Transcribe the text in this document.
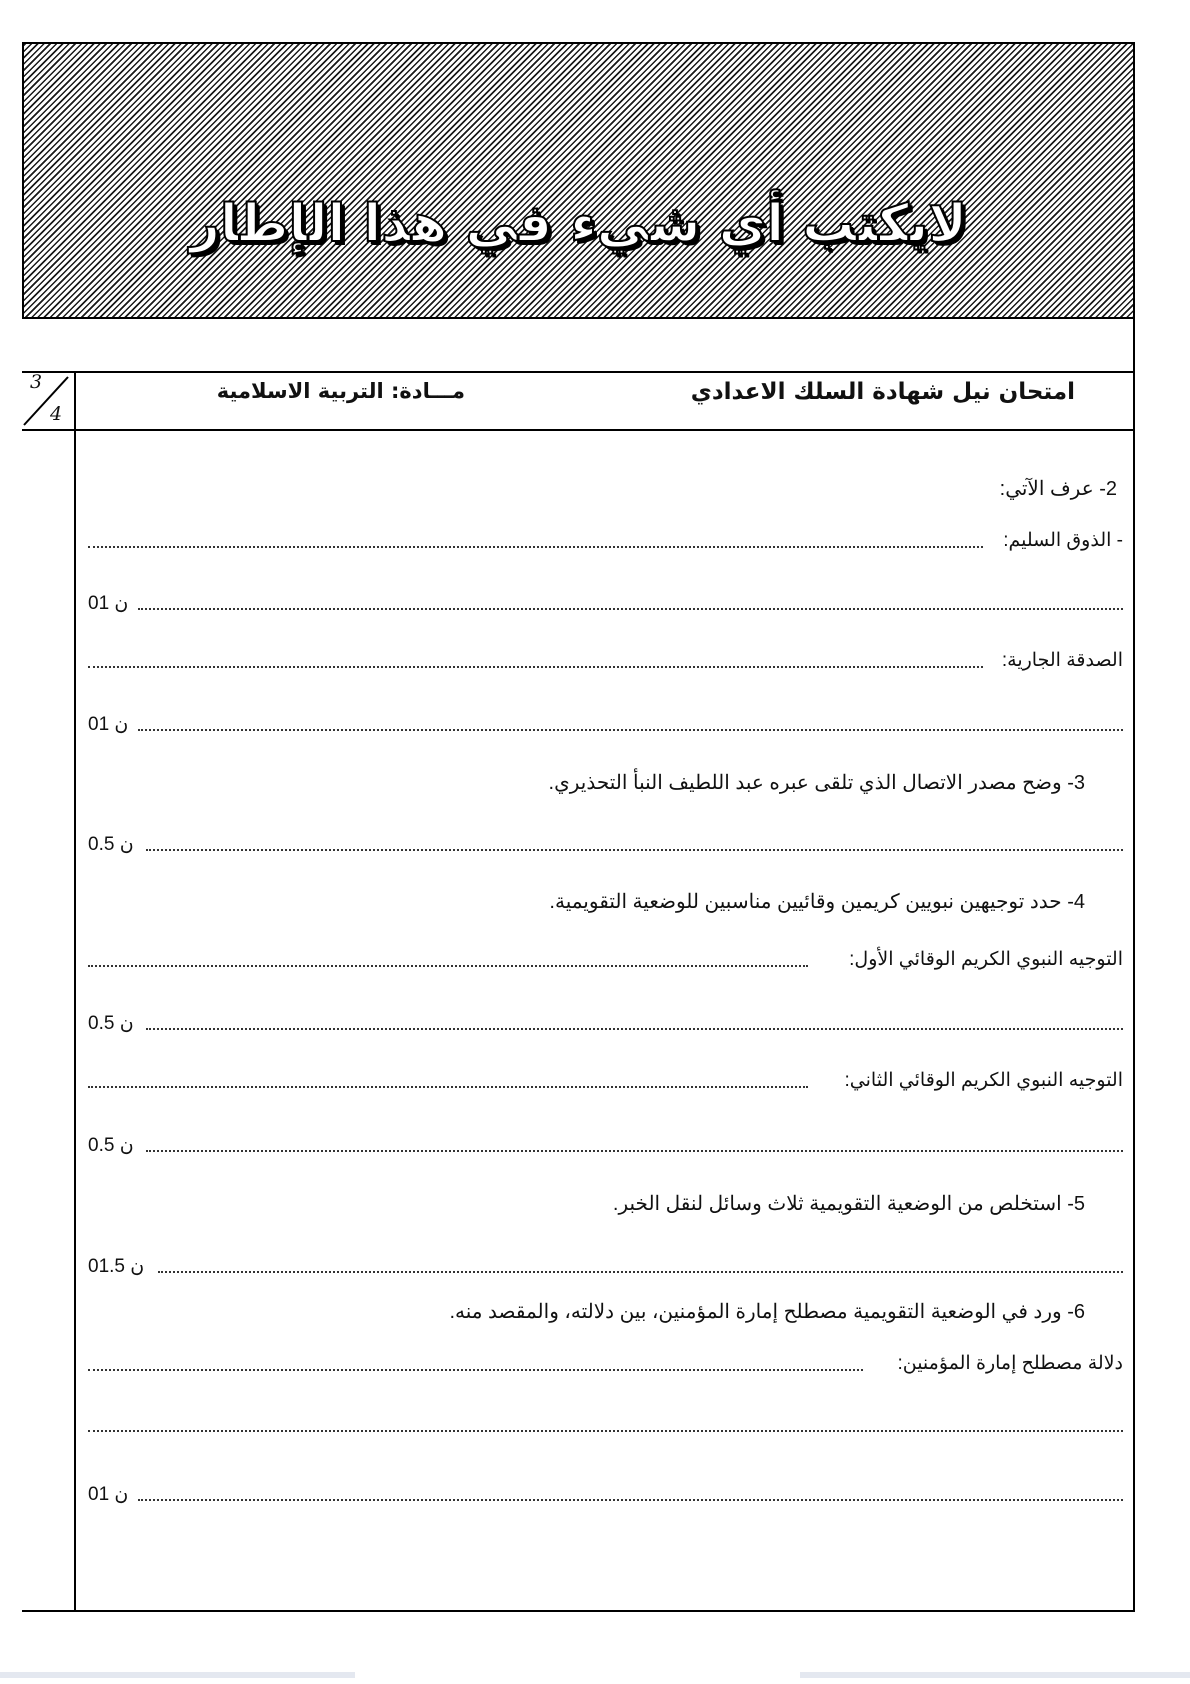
لايكتب أي شيء في هذا الإطار
3
4
امتحان نيل شهادة السلك الاعدادي
مـــادة: التربية الاسلامية
2- عرف الآتي:
- الذوق السليم:
01 ن
الصدقة الجارية:
01 ن
3- وضح مصدر الاتصال الذي تلقى عبره عبد اللطيف النبأ التحذيري.
0.5 ن
4- حدد توجيهين نبويين كريمين وقائيين مناسبين للوضعية التقويمية.
التوجيه النبوي الكريم الوقائي الأول:
0.5 ن
التوجيه النبوي الكريم الوقائي الثاني:
0.5 ن
5- استخلص من الوضعية التقويمية ثلاث وسائل لنقل الخبر.
01.5 ن
6- ورد في الوضعية التقويمية مصطلح إمارة المؤمنين، بين دلالته، والمقصد منه.
دلالة مصطلح إمارة المؤمنين:
01 ن
